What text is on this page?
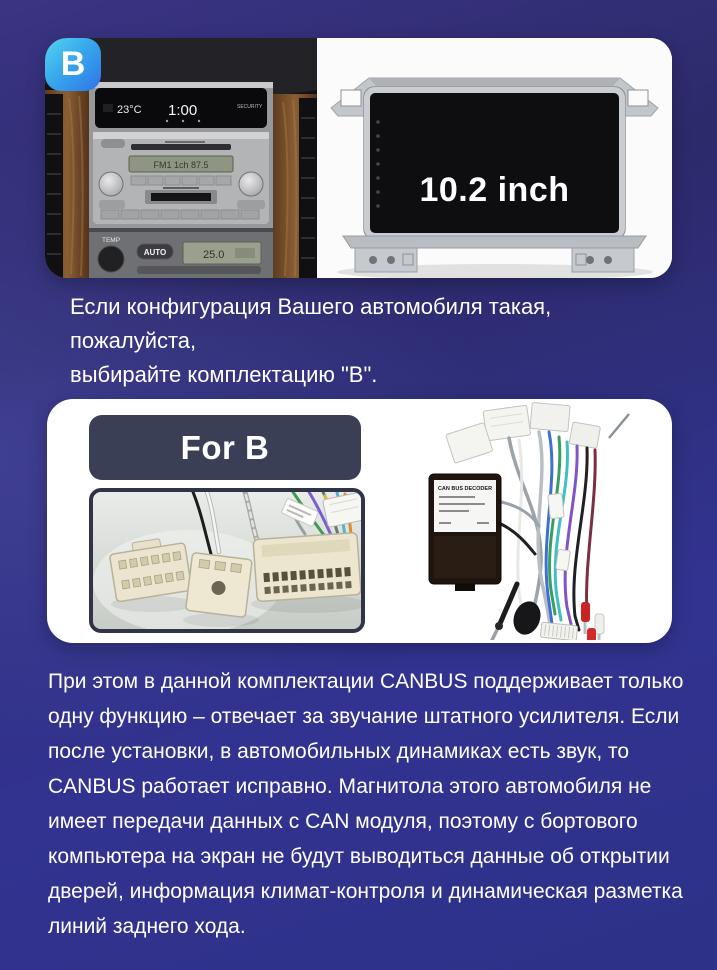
B
23°C 1:00	SECURITY
FM1 1ch 87.5
TEMP
AUTO	25.0
10.2 inch
Если конфигурация Вашего автомобиля такая, пожалуйста,
выбирайте комплектацию "B".
For B
CAN BUS DECODER
При этом в данной комплектации CANBUS поддерживает только
одну функцию – отвечает за звучание штатного усилителя. Если
после установки, в автомобильных динамиках есть звук, то
CANBUS работает исправно. Магнитола этого автомобиля не
имеет передачи данных с CAN модуля, поэтому с бортового
компьютера на экран не будут выводиться данные об открытии
дверей, информация климат-контроля и динамическая разметка
линий заднего хода.
